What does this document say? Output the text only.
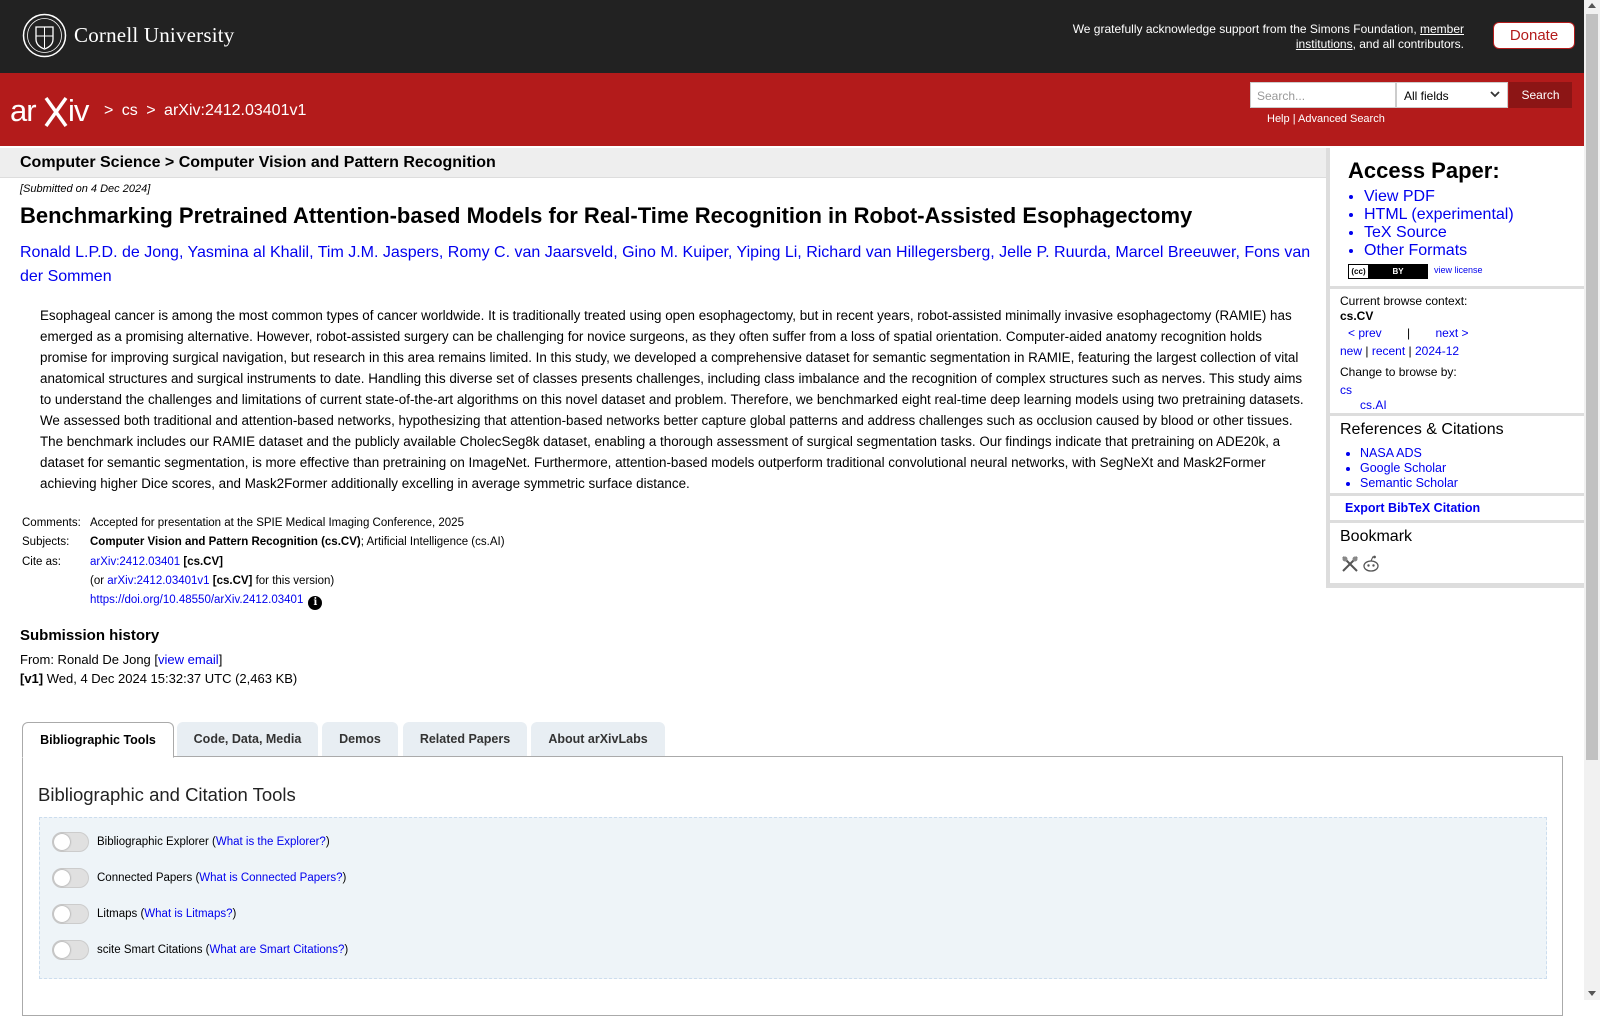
Cornell University	We gratefully acknowledge support from the Simons Foundation, member institutions, and all contributors.	Donate
ar iv > cs > arXiv:2412.03401v1
Search...	All fields	Search
Help | Advanced Search
Computer Science > Computer Vision and Pattern Recognition
[Submitted on 4 Dec 2024]
Benchmarking Pretrained Attention-based Models for Real-Time Recognition in Robot-Assisted Esophagectomy
Ronald L.P.D. de Jong, Yasmina al Khalil, Tim J.M. Jaspers, Romy C. van Jaarsveld, Gino M. Kuiper, Yiping Li, Richard van Hillegersberg, Jelle P. Ruurda, Marcel Breeuwer, Fons van der Sommen
Esophageal cancer is among the most common types of cancer worldwide. It is traditionally treated using open esophagectomy, but in recent years, robot-assisted minimally invasive esophagectomy (RAMIE) has emerged as a promising alternative. However, robot-assisted surgery can be challenging for novice surgeons, as they often suffer from a loss of spatial orientation. Computer-aided anatomy recognition holds promise for improving surgical navigation, but research in this area remains limited. In this study, we developed a comprehensive dataset for semantic segmentation in RAMIE, featuring the largest collection of vital anatomical structures and surgical instruments to date. Handling this diverse set of classes presents challenges, including class imbalance and the recognition of complex structures such as nerves. This study aims to understand the challenges and limitations of current state-of-the-art algorithms on this novel dataset and problem. Therefore, we benchmarked eight real-time deep learning models using two pretraining datasets. We assessed both traditional and attention-based networks, hypothesizing that attention-based networks better capture global patterns and address challenges such as occlusion caused by blood or other tissues. The benchmark includes our RAMIE dataset and the publicly available CholecSeg8k dataset, enabling a thorough assessment of surgical segmentation tasks. Our findings indicate that pretraining on ADE20k, a dataset for semantic segmentation, is more effective than pretraining on ImageNet. Furthermore, attention-based models outperform traditional convolutional neural networks, with SegNeXt and Mask2Former achieving higher Dice scores, and Mask2Former additionally excelling in average symmetric surface distance.
Comments: Accepted for presentation at the SPIE Medical Imaging Conference, 2025
Subjects:	Computer Vision and Pattern Recognition (cs.CV); Artificial Intelligence (cs.AI)
Cite as:	arXiv:2412.03401 [cs.CV]
(or arXiv:2412.03401v1 [cs.CV] for this version)
https://doi.org/10.48550/arXiv.2412.03401 i
Submission history
From: Ronald De Jong [view email]
[v1] Wed, 4 Dec 2024 15:32:37 UTC (2,463 KB)
Bibliographic Tools	Code, Data, Media	Demos	Related Papers	About arXivLabs
Bibliographic and Citation Tools
Bibliographic Explorer ( What is the Explorer? )
Connected Papers ( What is Connected Papers? )
Litmaps ( What is Litmaps? )
scite Smart Citations ( What are Smart Citations? )
Access Paper:
• View PDF
• HTML (experimental)
• TeX Source
• Other Formats
(cc)	BY	view license
Current browse context:
cs.CV
< prev | next >
new | recent | 2024-12
Change to browse by:
cs
cs.AI
References & Citations
• NASA ADS
• Google Scholar
• Semantic Scholar
Export BibTeX Citation
Bookmark
